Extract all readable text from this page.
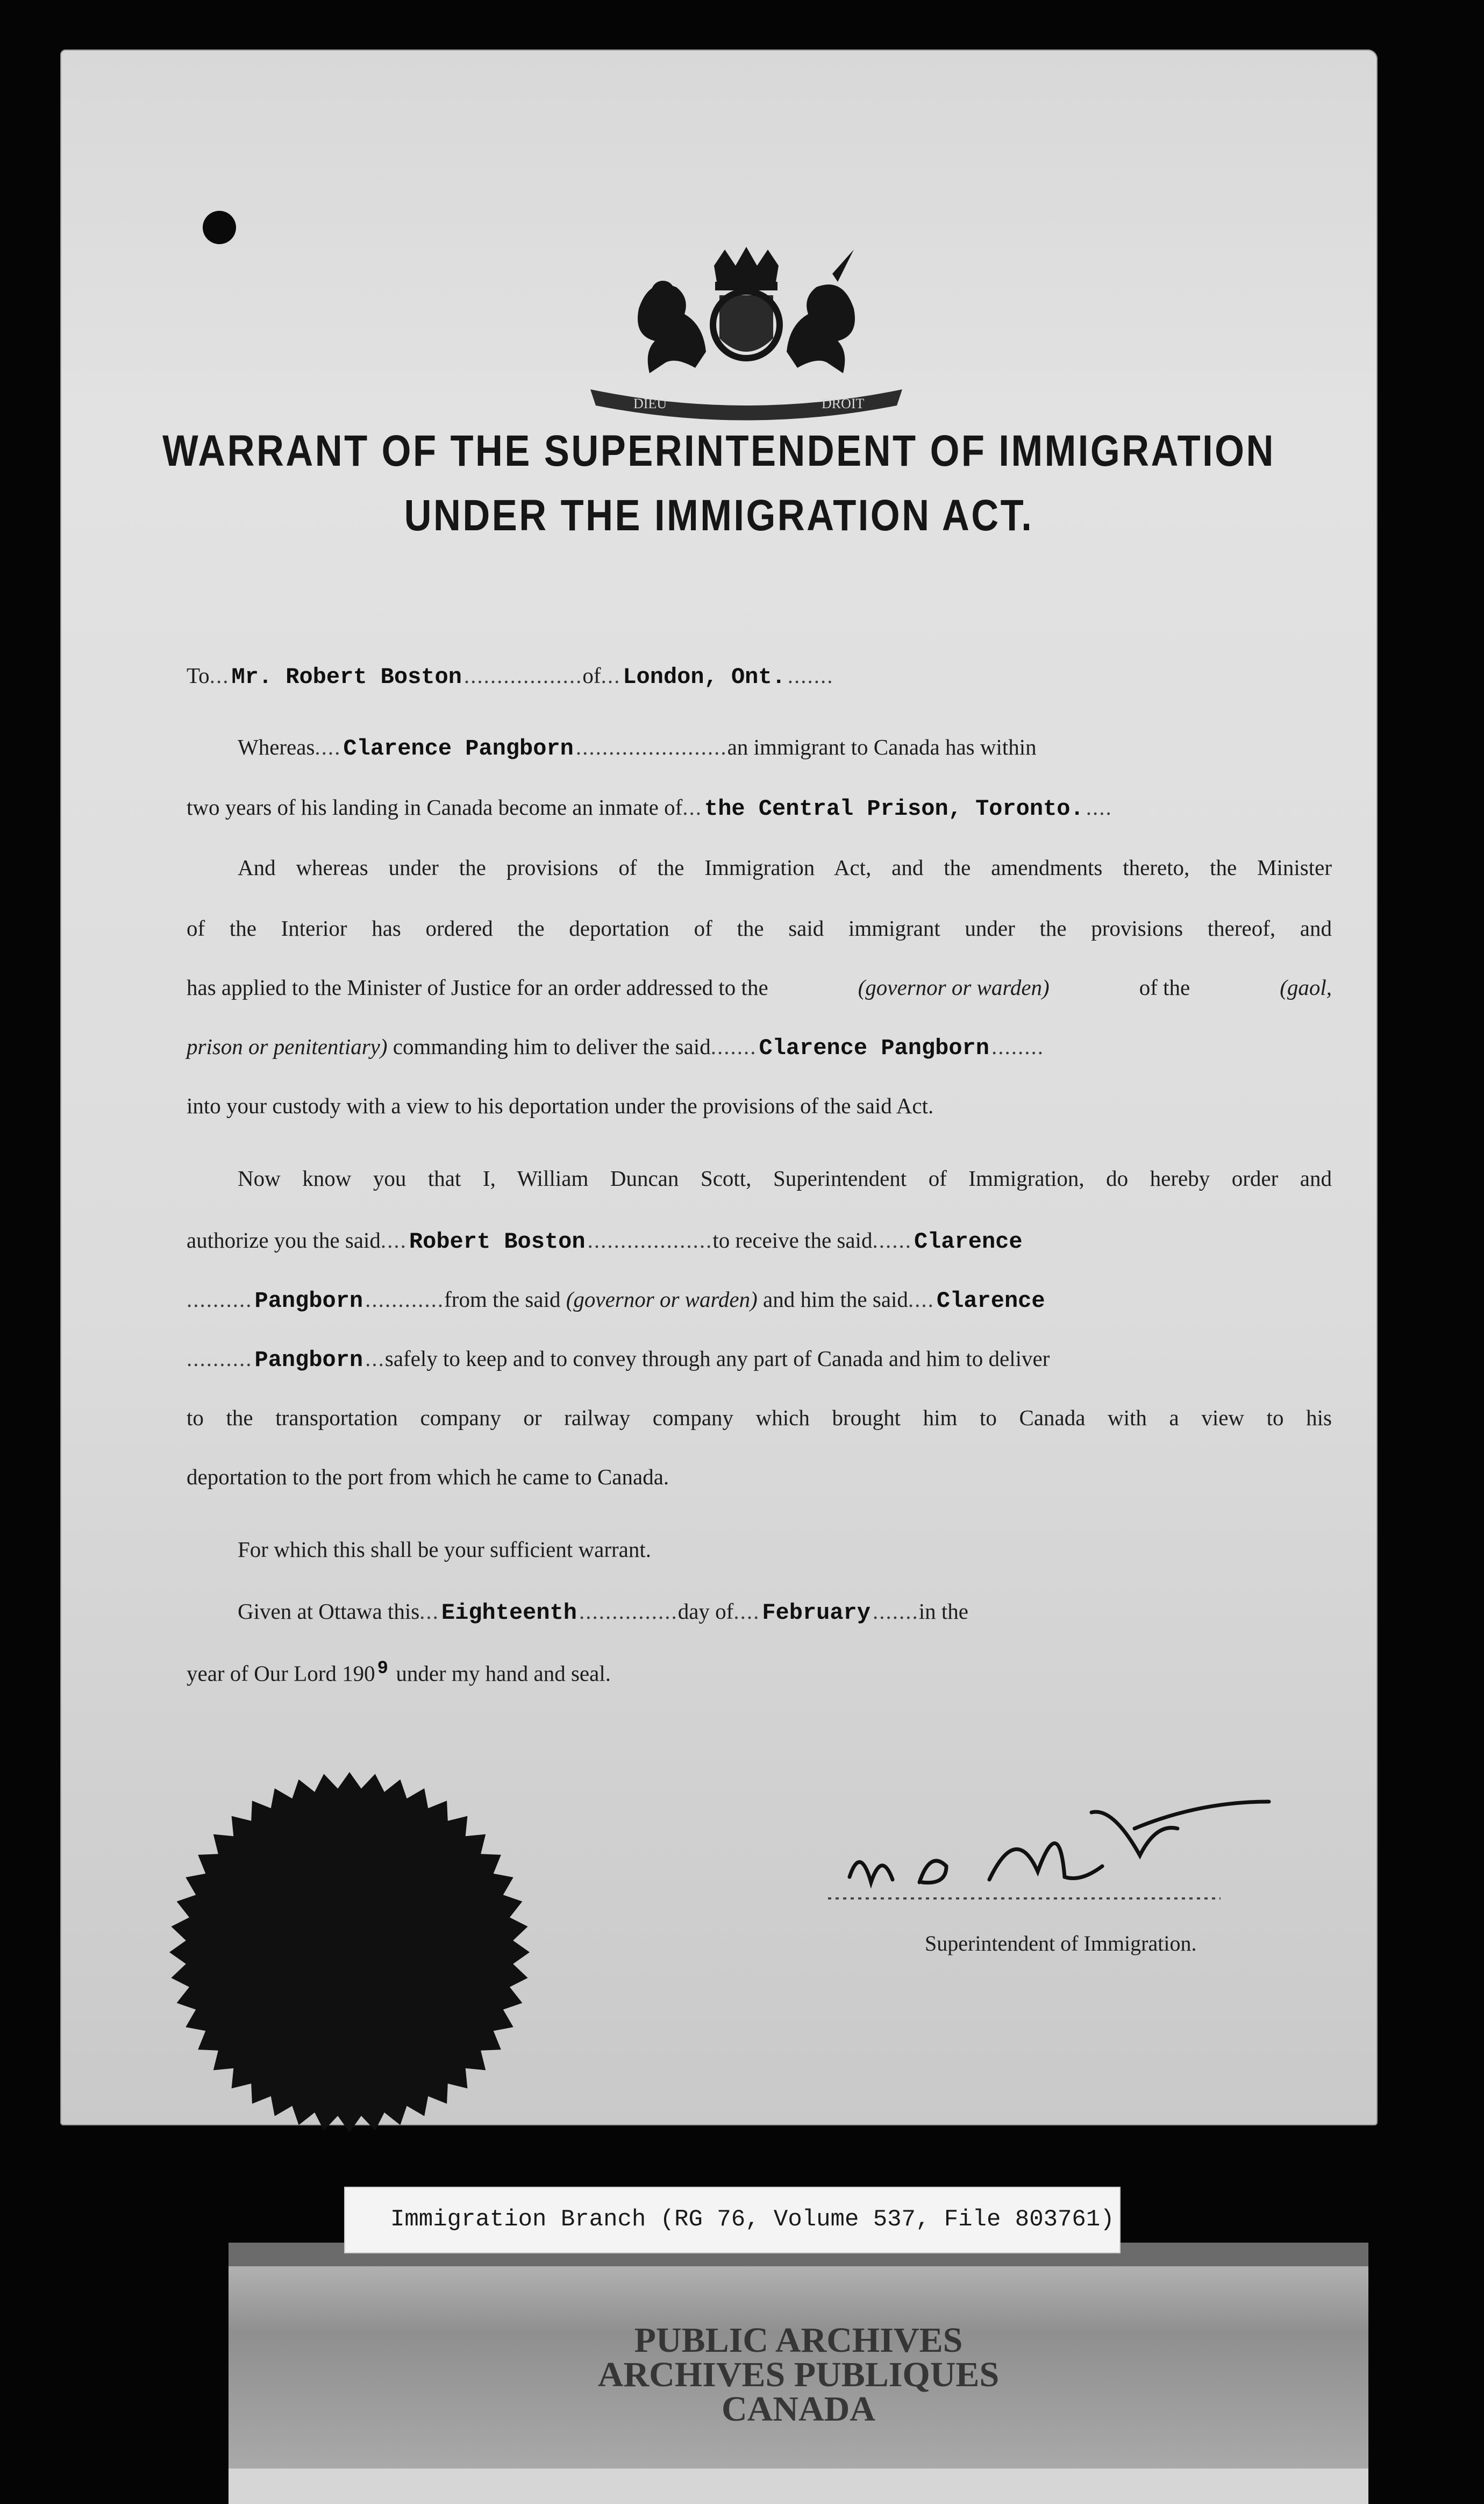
DIEU	DROIT
WARRANT OF THE SUPERINTENDENT OF IMMIGRATION
UNDER THE IMMIGRATION ACT.
To...Mr. Robert Boston..................of...London, Ont........
Whereas....Clarence Pangborn.......................an immigrant to Canada has within
two years of his landing in Canada become an inmate of...the Central Prison, Toronto.....
And whereas under the provisions of the Immigration Act, and the amendments thereto, the Minister
of the Interior has ordered the deportation of the said immigrant under the provisions thereof, and
has applied to the Minister of Justice for an order addressed to the	(governor or warden)	of the	(gaol,
prison or penitentiary) commanding him to deliver the said.......Clarence Pangborn........
into your custody with a view to his deportation under the provisions of the said Act.
Now know you that I, William Duncan Scott, Superintendent of Immigration, do hereby order and
authorize you the said....Robert Boston...................to receive the said......Clarence
..........Pangborn............from the said (governor or warden) and him the said....Clarence
..........Pangborn...safely to keep and to convey through any part of Canada and him to deliver
to the transportation company or railway company which brought him to Canada with a view to his
deportation to the port from which he came to Canada.
For which this shall be your sufficient warrant.
Given at Ottawa this...Eighteenth...............day of....February.......in the
year of Our Lord 190 $^9$ under my hand and seal.
W. D. Scott
Superintendent of Immigration.
PUBLIC ARCHIVES
ARCHIVES PUBLIQUES
CANADA
Immigration Branch (RG 76, Volume 537, File 803761)
